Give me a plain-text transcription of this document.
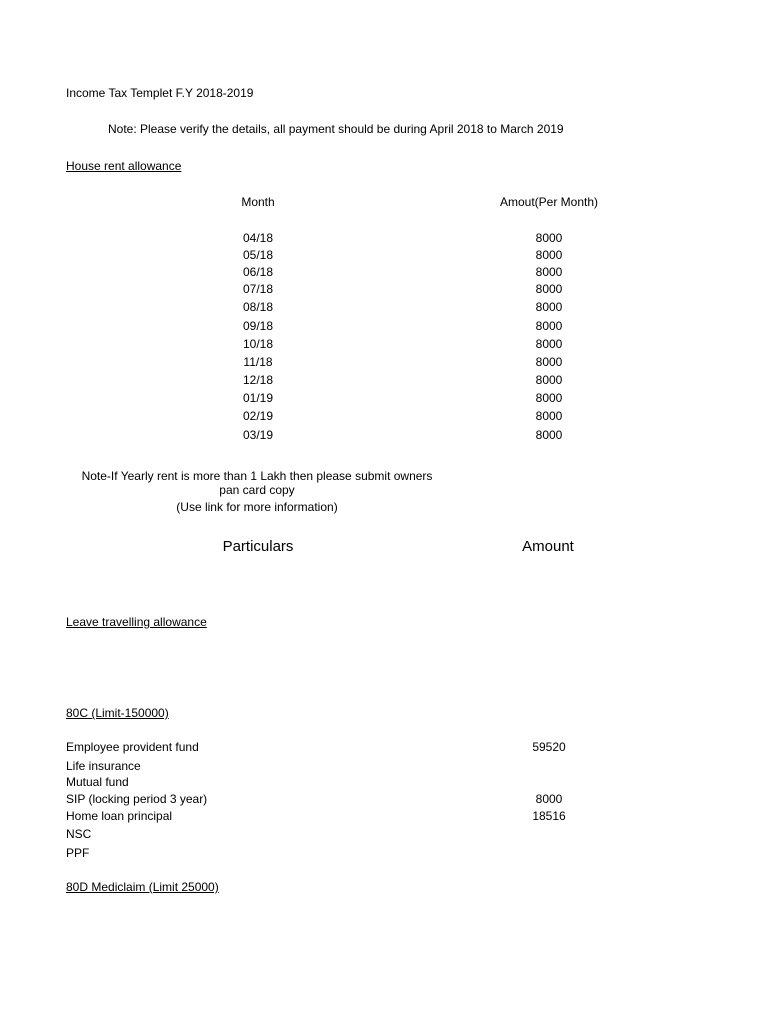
Income Tax Templet F.Y 2018-2019
Note: Please verify the details, all payment should be during April 2018 to March 2019
House rent allowance
Month	Amout(Per Month)
04/18	8000
05/18	8000
06/18	8000
07/18	8000
08/18	8000
09/18	8000
10/18	8000
11/18	8000
12/18	8000
01/19	8000
02/19	8000
03/19	8000
Note-If Yearly rent is more than 1 Lakh then please submit owners
pan card copy
(Use link for more information)
Particulars	Amount
Leave travelling allowance
80C (Limit-150000)
Employee provident fund	59520
Life insurance
Mutual fund
SIP (locking period 3 year)	8000
Home loan principal	18516
NSC
PPF
80D Mediclaim (Limit 25000)
